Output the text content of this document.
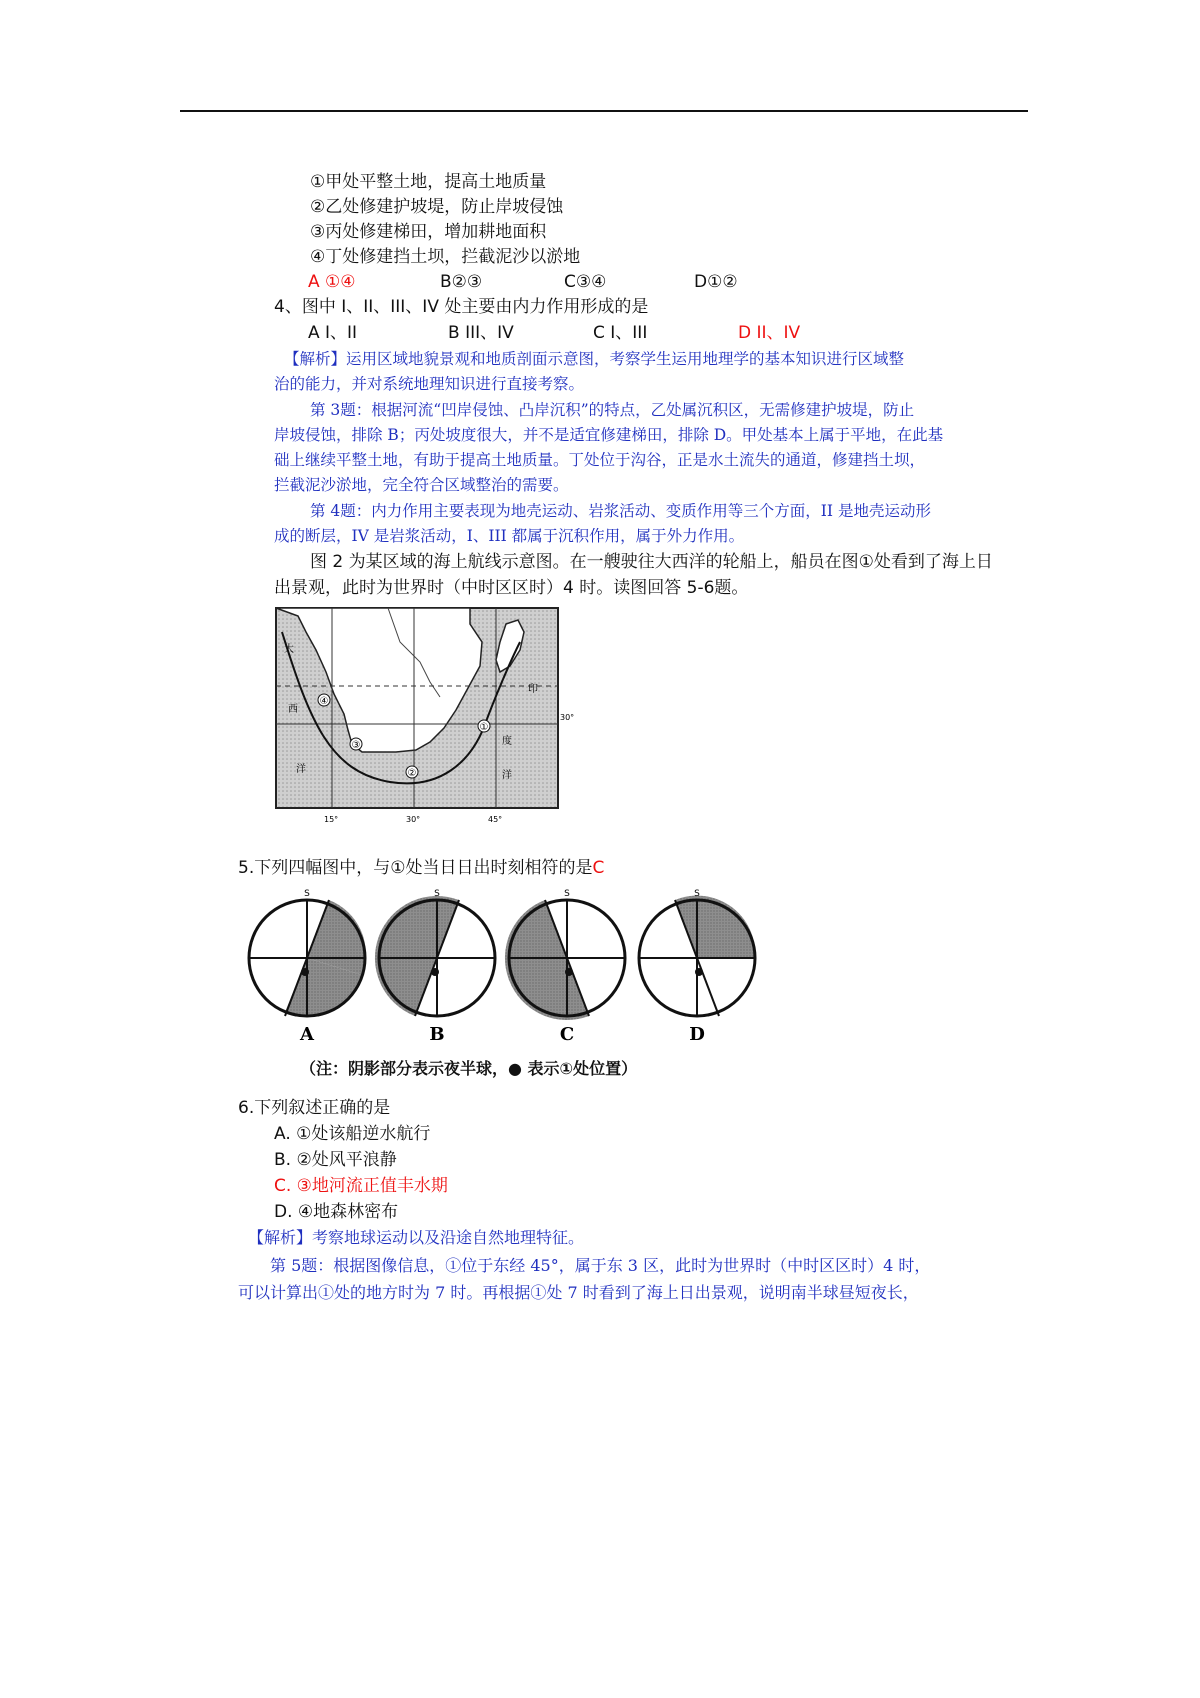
①甲处平整土地，提高土地质量
②乙处修建护坡堤，防止岸坡侵蚀
③丙处修建梯田，增加耕地面积
④丁处修建挡土坝，拦截泥沙以淤地
A ①④	B②③	C③④	D①②
4、图中 I、II、III、IV 处主要由内力作用形成的是
A I、II	B III、IV	C I、III	D II、IV
【解析】运用区域地貌景观和地质剖面示意图，考察学生运用地理学的基本知识进行区域整
治的能力，并对系统地理知识进行直接考察。
第 3题：根据河流“凹岸侵蚀、凸岸沉积”的特点，乙处属沉积区，无需修建护坡堤，防止
岸坡侵蚀，排除 B；丙处坡度很大，并不是适宜修建梯田，排除 D。甲处基本上属于平地，在此基
础上继续平整土地，有助于提高土地质量。丁处位于沟谷，正是水土流失的通道，修建挡土坝，
拦截泥沙淤地，完全符合区域整治的需要。
第 4题：内力作用主要表现为地壳运动、岩浆活动、变质作用等三个方面，II 是地壳运动形
成的断层，IV 是岩浆活动，I、III 都属于沉积作用，属于外力作用。
图 2 为某区域的海上航线示意图。在一艘驶往大西洋的轮船上，船员在图①处看到了海上日
出景观，此时为世界时（中时区区时）4 时。读图回答 5-6题。
①
②
③
④
大
西
洋
印
度
洋
15°	30°	45°
30°
5.下列四幅图中，与①处当日日出时刻相符的是C
S
A
S
B
S
C
S
D
（注：阴影部分表示夜半球，● 表示①处位置）
6.下列叙述正确的是
A. ①处该船逆水航行
B. ②处风平浪静
C. ③地河流正值丰水期
D. ④地森林密布
【解析】考察地球运动以及沿途自然地理特征。
第 5题：根据图像信息，①位于东经 45°，属于东 3 区，此时为世界时（中时区区时）4 时，
可以计算出①处的地方时为 7 时。再根据①处 7 时看到了海上日出景观，说明南半球昼短夜长，
